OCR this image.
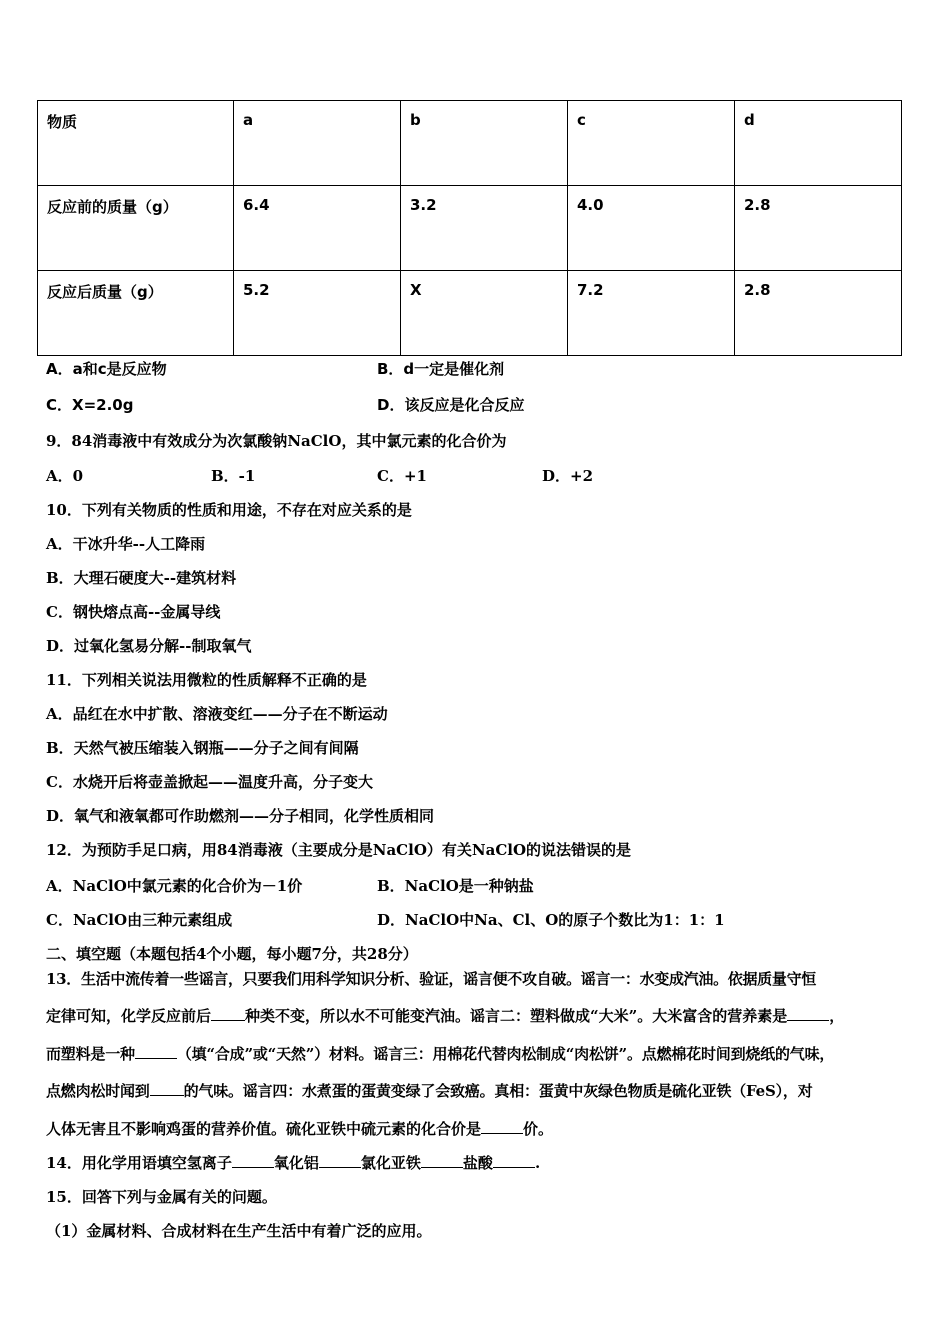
物质	a	b	c	d
反应前的质量（g）	6.4	3.2	4.0	2.8
反应后质量（g）	5.2	X	7.2	2.8
A．a和c是反应物	B．d一定是催化剂
C．X=2.0g	D．该反应是化合反应
9．84消毒液中有效成分为次氯酸钠NaClO，其中氯元素的化合价为
A．0	B．-1	C．+1	D．+2
10．下列有关物质的性质和用途，不存在对应关系的是
A．干冰升华--人工降雨
B．大理石硬度大--建筑材料
C．钢快熔点高--金属导线
D．过氧化氢易分解--制取氧气
11．下列相关说法用微粒的性质解释不正确的是
A．品红在水中扩散、溶液变红——分子在不断运动
B．天然气被压缩装入钢瓶——分子之间有间隔
C．水烧开后将壶盖掀起——温度升高，分子变大
D．氧气和液氧都可作助燃剂——分子相同，化学性质相同
12．为预防手足口病，用84消毒液（主要成分是NaClO）有关NaClO的说法错误的是
A．NaClO中氯元素的化合价为－1价	B．NaClO是一种钠盐
C．NaClO由三种元素组成	D．NaClO中Na、Cl、O的原子个数比为1：1：1
二、填空题（本题包括4个小题，每小题7分，共28分）
13．生活中流传着一些谣言，只要我们用科学知识分析、验证，谣言便不攻自破。谣言一：水变成汽油。依据质量守恒
定律可知，化学反应前后 种类不变，所以水不可能变汽油。谣言二：塑料做成“大米”。大米富含的营养素是	，
而塑料是一种	（填“合成”或“天然”）材料。谣言三：用棉花代替肉松制成“肉松饼”。点燃棉花时间到烧纸的气味，
点燃肉松时闻到 的气味。谣言四：水煮蛋的蛋黄变绿了会致癌。真相：蛋黄中灰绿色物质是硫化亚铁（FeS），对
人体无害且不影响鸡蛋的营养价值。硫化亚铁中硫元素的化合价是	价。
14．用化学用语填空氢离子	氧化铝	氯化亚铁	盐酸	.
15．回答下列与金属有关的问题。
（1）金属材料、合成材料在生产生活中有着广泛的应用。
